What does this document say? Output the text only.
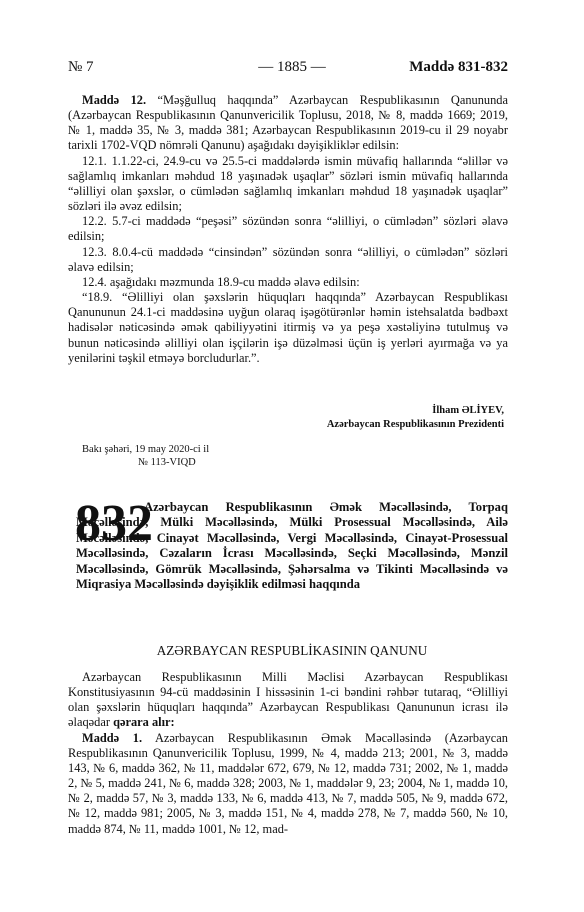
№ 7	— 1885 —	Maddə 831-832

Maddə 12. “Məşğulluq haqqında” Azərbaycan Respublikasının Qanununda (Azərbaycan Respublikasının Qanunvericilik Toplusu, 2018, № 8, maddə 1669; 2019, № 1, maddə 35, № 3, maddə 381; Azərbaycan Respublikasının 2019-cu il 29 noyabr tarixli 1702-VQD nömrəli Qanunu) aşağıdakı dəyişikliklər edilsin:

12.1. 1.1.22-ci, 24.9-cu və 25.5-ci maddələrdə ismin müvafiq hallarında “əlillər və sağlamlıq imkanları məhdud 18 yaşınadək uşaqlar” sözləri ismin müvafiq hallarında “əlilliyi olan şəxslər, o cümlədən sağlamlıq imkanları məhdud 18 yaşınadək uşaqlar” sözləri ilə əvəz edilsin;

12.2. 5.7-ci maddədə “peşəsi” sözündən sonra “əlilliyi, o cümlədən” sözləri əlavə edilsin;

12.3. 8.0.4-cü maddədə “cinsindən” sözündən sonra “əlilliyi, o cümlədən” sözləri əlavə edilsin;

12.4. aşağıdakı məzmunda 18.9-cu maddə əlavə edilsin:

“18.9. “Əlilliyi olan şəxslərin hüquqları haqqında” Azərbaycan Respublikası Qanununun 24.1-ci maddəsinə uyğun olaraq işəgötürənlər həmin istehsalatda bədbəxt hadisələr nəticəsində əmək qabiliyyətini itirmiş və ya peşə xəstəliyinə tutulmuş və bunun nəticəsində əlilliyi olan işçilərin işə düzəlməsi üçün iş yerləri ayırmağa və ya yenilərini təşkil etməyə borcludurlar.”.

İlham ƏLİYEV,
Azərbaycan Respublikasının Prezidenti
Bakı şəhəri, 19 may 2020-ci il
№ 113-VIQD
832
Azərbaycan Respublikasının Əmək Məcəlləsində, Torpaq Məcəlləsində, Mülki Məcəlləsində, Mülki Prosessual Məcəlləsində, Ailə Məcəlləsində, Cinayət Məcəlləsində, Vergi Məcəlləsində, Cinayət-Prosessual Məcəlləsində, Cəzaların İcrası Məcəlləsində, Seçki Məcəlləsində, Mənzil Məcəlləsində, Gömrük Məcəlləsində, Şəhərsalma və Tikinti Məcəlləsində və Miqrasiya Məcəlləsində dəyişiklik edilməsi haqqında
AZƏRBAYCAN RESPUBLİKASININ QANUNU

Azərbaycan Respublikasının Milli Məclisi Azərbaycan Respublikası Konstitusiyasının 94-cü maddəsinin I hissəsinin 1-ci bəndini rəhbər tutaraq, “Əlilliyi olan şəxslərin hüquqları haqqında” Azərbaycan Respublikası Qanununun icrası ilə əlaqədar qərara alır:

Maddə 1. Azərbaycan Respublikasının Əmək Məcəlləsində (Azərbaycan Respublikasının Qanunvericilik Toplusu, 1999, № 4, maddə 213; 2001, № 3, maddə 143, № 6, maddə 362, № 11, maddələr 672, 679, № 12, maddə 731; 2002, № 1, maddə 2, № 5, maddə 241, № 6, maddə 328; 2003, № 1, maddələr 9, 23; 2004, № 1, maddə 10, № 2, maddə 57, № 3, maddə 133, № 6, maddə 413, № 7, maddə 505, № 9, maddə 672, № 12, maddə 981; 2005, № 3, maddə 151, № 4, maddə 278, № 7, maddə 560, № 10, maddə 874, № 11, maddə 1001, № 12, mad-
